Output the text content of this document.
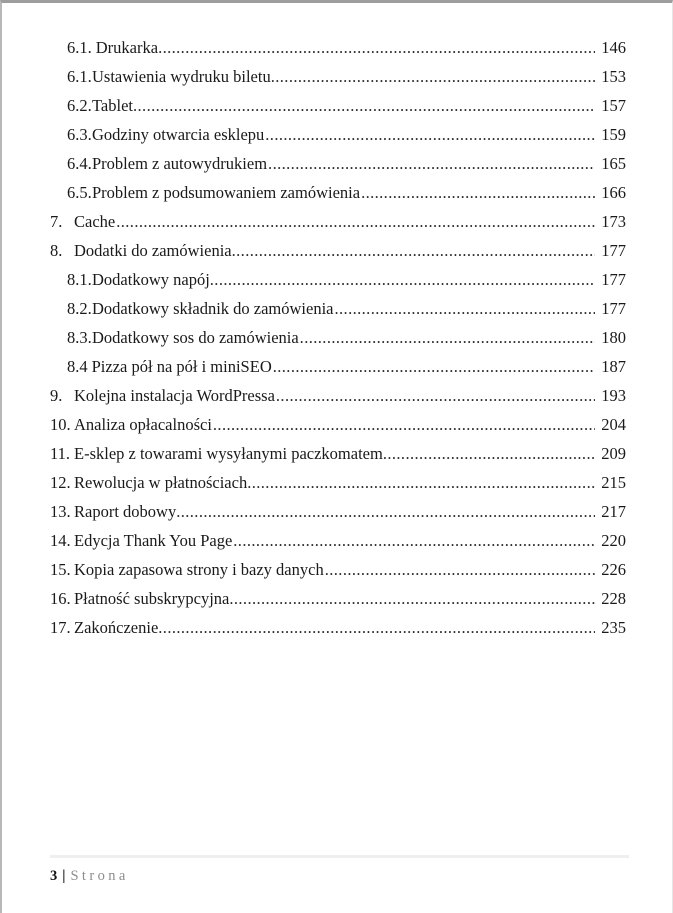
6.1. Drukarka .....	146
6.1. Ustawienia wydruku biletu .....	153
6.2. Tablet .....	157
6.3. Godziny otwarcia esklepu .....	159
6.4. Problem z autowydrukiem .....	165
6.5. Problem z podsumowaniem zamówienia .....	166
7. Cache .....	173
8. Dodatki do zamówienia .....	177
8.1. Dodatkowy napój .....	177
8.2. Dodatkowy składnik do zamówienia .....	177
8.3. Dodatkowy sos do zamówienia .....	180
8.4 Pizza pół na pół i miniSEO .....	187
9. Kolejna instalacja WordPressa .....	193
10. Analiza opłacalności .....	204
11. E-sklep z towarami wysyłanymi paczkomatem .....	209
12. Rewolucja w płatnościach .....	215
13. Raport dobowy .....	217
14. Edycja Thank You Page .....	220
15. Kopia zapasowa strony i bazy danych .....	226
16. Płatność subskrypcyjna .....	228
17. Zakończenie .....	235
3 | Strona
